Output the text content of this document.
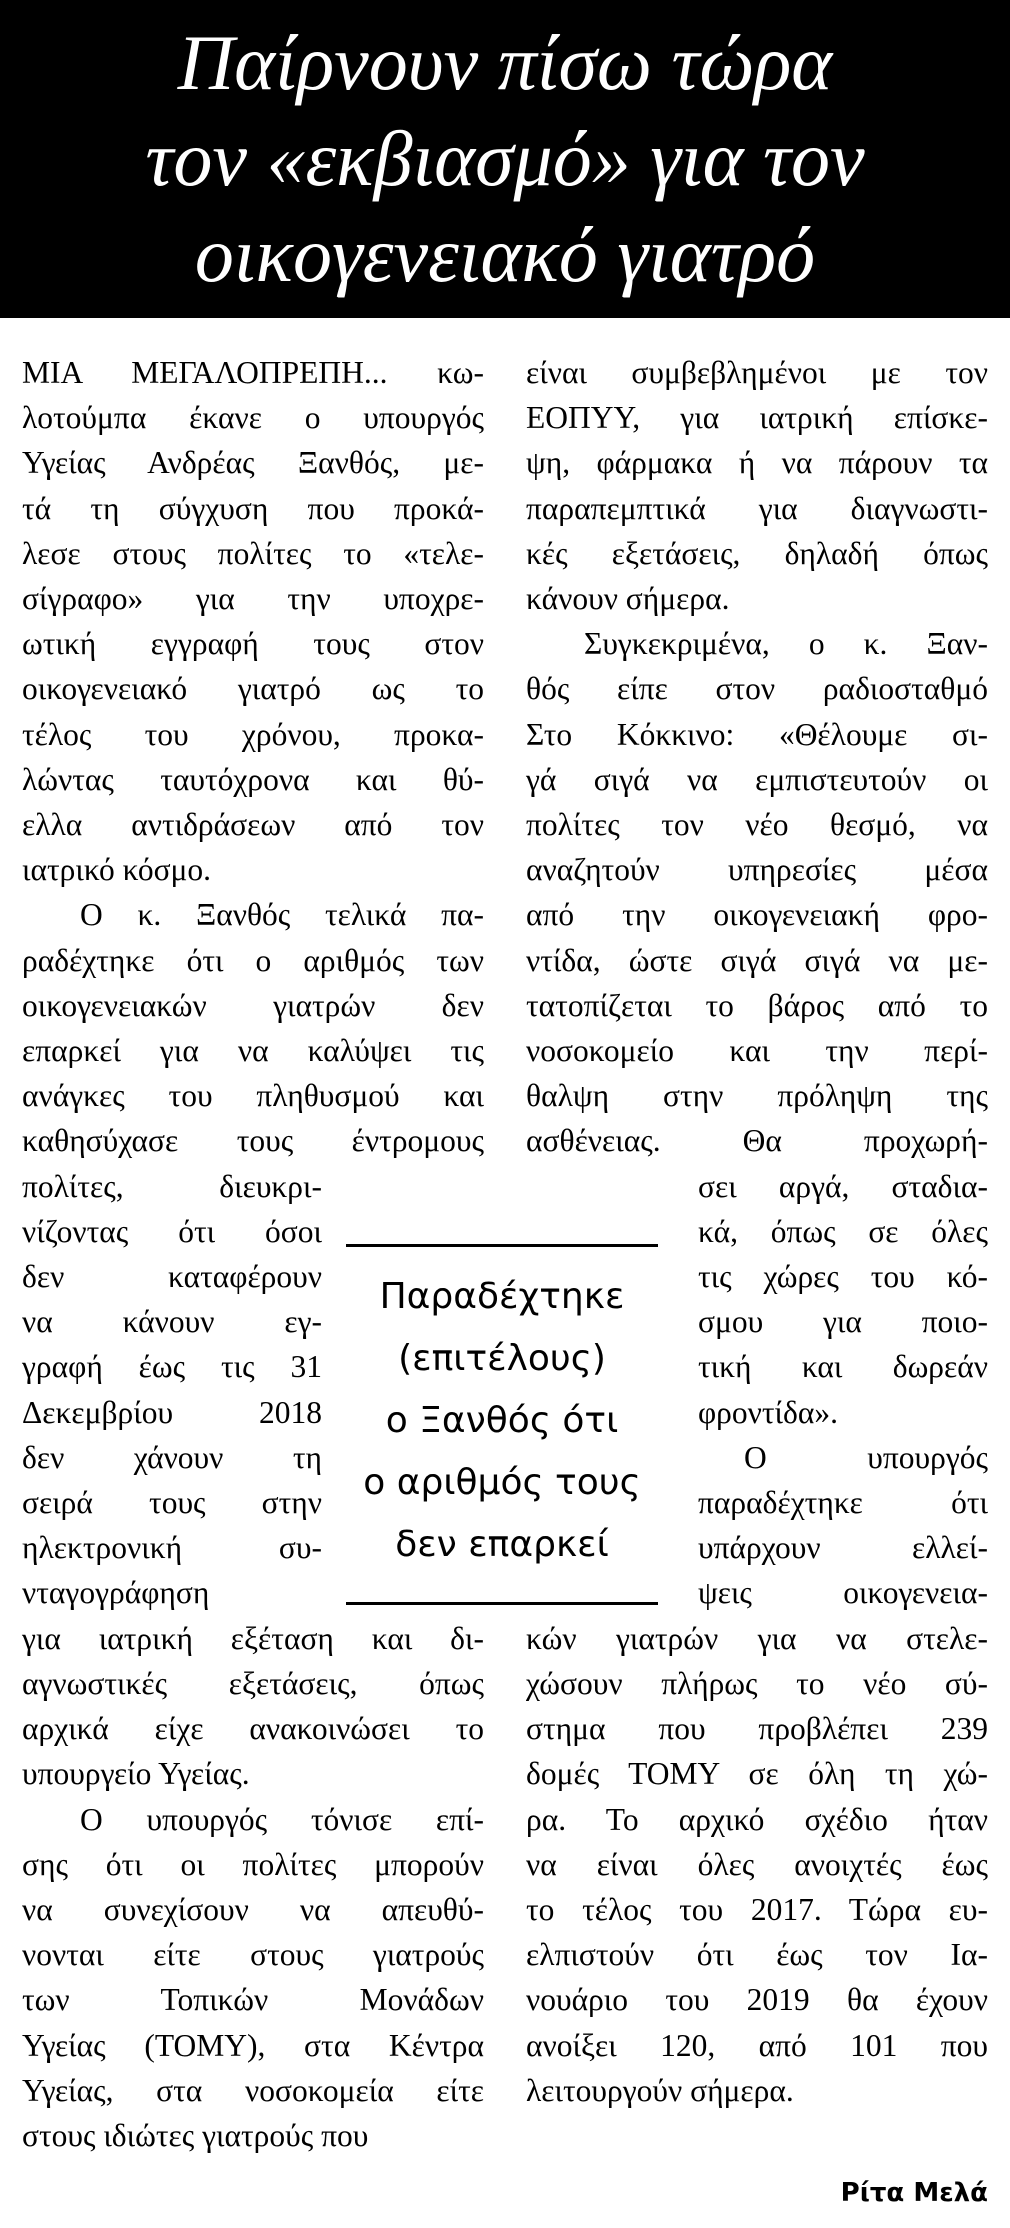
Παίρνουν πίσω τώρα
τον «εκβιασμό» για τον
οικογενειακό γιατρό
ΜΙΑ ΜΕΓΑΛΟΠΡΕΠΗ... κω-
λοτούμπα έκανε ο υπουργός
Υγείας Ανδρέας Ξανθός, με-
τά τη σύγχυση που προκά-
λεσε στους πολίτες το «τελε-
σίγραφο» για την υποχρε-
ωτική εγγραφή τους στον
οικογενειακό γιατρό ως το
τέλος του χρόνου, προκα-
λώντας ταυτόχρονα και θύ-
ελλα αντιδράσεων από τον
ιατρικό κόσμο.
Ο κ. Ξανθός τελικά πα-
ραδέχτηκε ότι ο αριθμός των
οικογενειακών γιατρών δεν
επαρκεί για να καλύψει τις
ανάγκες του πληθυσμού και
καθησύχασε τους έντρομους
πολίτες, διευκρι-
νίζοντας ότι όσοι
δεν καταφέρουν
να κάνουν εγ-
γραφή έως τις 31
Δεκεμβρίου 2018
δεν χάνουν τη
σειρά τους στην
ηλεκτρονική συ-
νταγογράφηση
για ιατρική εξέταση και δι-
αγνωστικές εξετάσεις, όπως
αρχικά είχε ανακοινώσει το
υπουργείο Υγείας.
Ο υπουργός τόνισε επί-
σης ότι οι πολίτες μπορούν
να συνεχίσουν να απευθύ-
νονται είτε στους γιατρούς
των Τοπικών Μονάδων
Υγείας (ΤΟΜΥ), στα Κέντρα
Υγείας, στα νοσοκομεία είτε
στους ιδιώτες γιατρούς που
είναι συμβεβλημένοι με τον
ΕΟΠΥΥ, για ιατρική επίσκε-
ψη, φάρμακα ή να πάρουν τα
παραπεμπτικά για διαγνωστι-
κές εξετάσεις, δηλαδή όπως
κάνουν σήμερα.
Συγκεκριμένα, ο κ. Ξαν-
θός είπε στον ραδιοσταθμό
Στο Κόκκινο: «Θέλουμε σι-
γά σιγά να εμπιστευτούν οι
πολίτες τον νέο θεσμό, να
αναζητούν υπηρεσίες μέσα
από την οικογενειακή φρο-
ντίδα, ώστε σιγά σιγά να με-
τατοπίζεται το βάρος από το
νοσοκομείο και την περί-
θαλψη στην πρόληψη της
ασθένειας. Θα προχωρή-
σει αργά, σταδια-
κά, όπως σε όλες
τις χώρες του κό-
σμου για ποιο-
τική και δωρεάν
φροντίδα».
Ο υπουργός
παραδέχτηκε ότι
υπάρχουν ελλεί-
ψεις οικογενεια-
κών γιατρών για να στελε-
χώσουν πλήρως το νέο σύ-
στημα που προβλέπει 239
δομές ΤΟΜΥ σε όλη τη χώ-
ρα. Το αρχικό σχέδιο ήταν
να είναι όλες ανοιχτές έως
το τέλος του 2017. Τώρα ευ-
ελπιστούν ότι έως τον Ια-
νουάριο του 2019 θα έχουν
ανοίξει 120, από 101 που
λειτουργούν σήμερα.
Παραδέχτηκε
(επιτέλους)
ο Ξανθός ότι
ο αριθμός τους
δεν επαρκεί
Ρίτα Μελά
